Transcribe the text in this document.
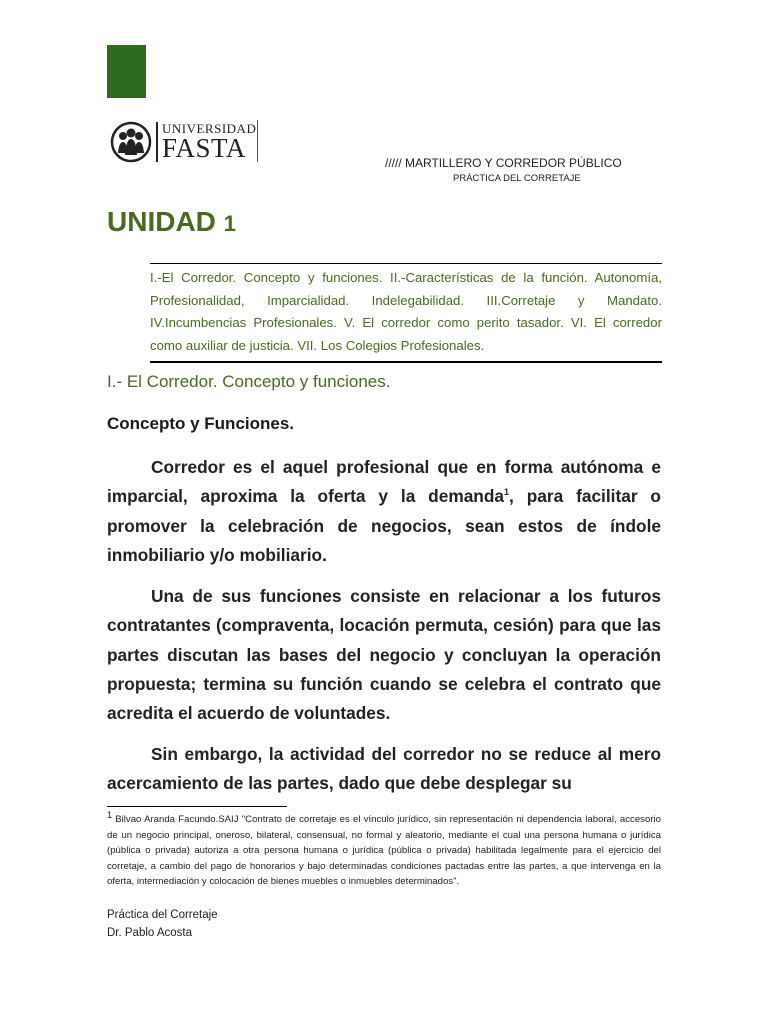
UNIVERSIDAD
FASTA	///// MARTILLERO Y CORREDOR PÚBLICO
PRÁCTICA DEL CORRETAJE
UNIDAD 1
I.-El Corredor. Concepto y funciones. II.-Características de la función. Autonomía, Profesionalidad, Imparcialidad. Indelegabilidad. III.Corretaje y Mandato. IV.Incumbencias Profesionales. V. El corredor como perito tasador. VI. El corredor como auxiliar de justicia. VII. Los Colegios Profesionales.
I.- El Corredor. Concepto y funciones.
Concepto y Funciones.

Corredor es el aquel profesional que en forma autónoma e imparcial, aproxima la oferta y la demanda$^1$, para facilitar o promover la celebración de negocios, sean estos de índole inmobiliario y/o mobiliario.

Una de sus funciones consiste en relacionar a los futuros contratantes (compraventa, locación permuta, cesión) para que las partes discutan las bases del negocio y concluyan la operación propuesta; termina su función cuando se celebra el contrato que acredita el acuerdo de voluntades.

Sin embargo, la actividad del corredor no se reduce al mero acercamiento de las partes, dado que debe desplegar su

$^1$ Bilvao Aranda Facundo.SAIJ "Contrato de corretaje es el vínculo jurídico, sin representación ni dependencia laboral, accesorio de un negocio principal, oneroso, bilateral, consensual, no formal y aleatorio, mediante el cual una persona humana o jurídica (pública o privada) autoriza a otra persona humana o jurídica (pública o privada) habilitada legalmente para el ejercicio del corretaje, a cambio del pago de honorarios y bajo determinadas condiciones pactadas entre las partes, a que intervenga en la oferta, intermediación y colocación de bienes muebles o inmuebles determinados".

Práctica del Corretaje
Dr. Pablo Acosta
